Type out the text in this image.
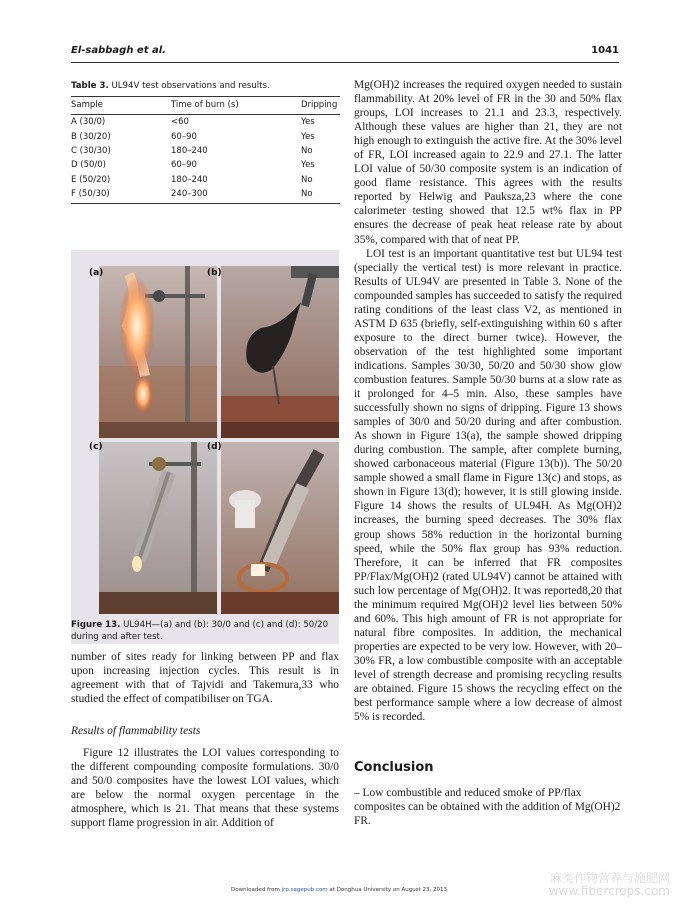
El-sabbagh et al.	1041
Table 3. UL94V test observations and results.
Sample	Time of burn (s)	Dripping
A (30/0)	<60	Yes
B (30/20)	60–90	Yes
C (30/30)	180–240	No
D (50/0)	60–90	Yes
E (50/20)	180–240	No
F (50/30)	240–300	No
(a)	(b)
(c)	(d)
Figure 13. UL94H—(a) and (b): 30/0 and (c) and (d): 50/20 during and after test.
number of sites ready for linking between PP and flax upon increasing injection cycles. This result is in agreement with that of Tajvidi and Takemura,33 who studied the effect of compatibiliser on TGA.
Results of flammability tests
Figure 12 illustrates the LOI values corresponding to the different compounding composite formulations. 30/0 and 50/0 composites have the lowest LOI values, which are below the normal oxygen percentage in the atmosphere, which is 21. That means that these systems support flame progression in air. Addition of

Mg(OH)2 increases the required oxygen needed to sustain flammability. At 20% level of FR in the 30 and 50% flax groups, LOI increases to 21.1 and 23.3, respectively. Although these values are higher than 21, they are not high enough to extinguish the active fire. At the 30% level of FR, LOI increased again to 22.9 and 27.1. The latter LOI value of 50/30 composite system is an indication of good flame resistance. This agrees with the results reported by Helwig and Pauksza,23 where the cone calorimeter testing showed that 12.5 wt% flax in PP ensures the decrease of peak heat release rate by about 35%, compared with that of neat PP.

LOI test is an important quantitative test but UL94 test (specially the vertical test) is more relevant in practice. Results of UL94V are presented in Table 3. None of the compounded samples has succeeded to satisfy the required rating conditions of the least class V2, as mentioned in ASTM D 635 (briefly, self-extinguishing within 60 s after exposure to the direct burner twice). However, the observation of the test highlighted some important indications. Samples 30/30, 50/20 and 50/30 show glow combustion features. Sample 50/30 burns at a slow rate as it prolonged for 4–5 min. Also, these samples have successfully shown no signs of dripping. Figure 13 shows samples of 30/0 and 50/20 during and after combustion. As shown in Figure 13(a), the sample showed dripping during combustion. The sample, after complete burning, showed carbonaceous material (Figure 13(b)). The 50/20 sample showed a small flame in Figure 13(c) and stops, as shown in Figure 13(d); however, it is still glowing inside. Figure 14 shows the results of UL94H. As Mg(OH)2 increases, the burning speed decreases. The 30% flax group shows 58% reduction in the horizontal burning speed, while the 50% flax group has 93% reduction. Therefore, it can be inferred that FR composites PP/Flax/Mg(OH)2 (rated UL94V) cannot be attained with such low percentage of Mg(OH)2. It was reported8,20 that the minimum required Mg(OH)2 level lies between 50% and 60%. This high amount of FR is not appropriate for natural fibre composites. In addition, the mechanical properties are expected to be very low. However, with 20–30% FR, a low combustible composite with an acceptable level of strength decrease and promising recycling results are obtained. Figure 15 shows the recycling effect on the best performance sample where a low decrease of almost 5% is recorded.

Conclusion
– Low combustible and reduced smoke of PP/flax composites can be obtained with the addition of Mg(OH)2 FR.
Downloaded from jrp.sagepub.com at Donghua University on August 23, 2013
麻类作物营养与施肥网
www.fibercrops.com
